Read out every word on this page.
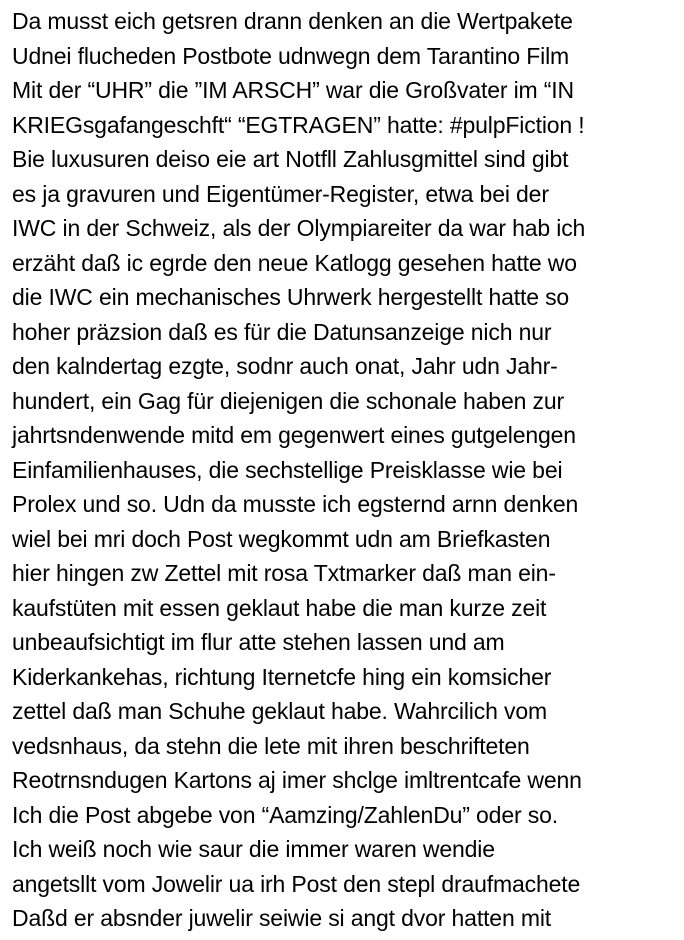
Da musst eich getsren drann denken an die Wertpakete
Udnei flucheden Postbote udnwegn dem Tarantino Film
Mit der “UHR” die ”IM ARSCH” war die Großvater im “IN
KRIEGsgafangeschft“ “EGTRAGEN” hatte: #pulpFiction !
Bie luxusuren deiso eie art Notfll Zahlusgmittel sind gibt
es ja gravuren und Eigentümer-Register, etwa bei der
IWC in der Schweiz, als der Olympiareiter da war hab ich
erzäht daß ic egrde den neue Katlogg gesehen hatte wo
die IWC ein mechanisches Uhrwerk hergestellt hatte so
hoher präzsion daß es für die Datunsanzeige nich nur
den kalndertag ezgte, sodnr auch onat, Jahr udn Jahr-
hundert, ein Gag für diejenigen die schonale haben zur
jahrtsndenwende mitd em gegenwert eines gutgelengen
Einfamilienhauses, die sechstellige Preisklasse wie bei
Prolex und so. Udn da musste ich egsternd arnn denken
wiel bei mri doch Post wegkommt udn am Briefkasten
hier hingen zw Zettel mit rosa Txtmarker daß man ein-
kaufstüten mit essen geklaut habe die man kurze zeit
unbeaufsichtigt im flur atte stehen lassen und am
Kiderkankehas, richtung Iternetcfe hing ein komsicher
zettel daß man Schuhe geklaut habe. Wahrcilich vom
vedsnhaus, da stehn die lete mit ihren beschrifteten
Reotrnsndugen Kartons aj imer shclge imltrentcafe wenn
Ich die Post abgebe von “Aamzing/ZahlenDu” oder so.
Ich weiß noch wie saur die immer waren wendie
angetsllt vom Jowelir ua irh Post den stepl draufmachete
Daßd er absnder juwelir seiwie si angt dvor hatten mit
